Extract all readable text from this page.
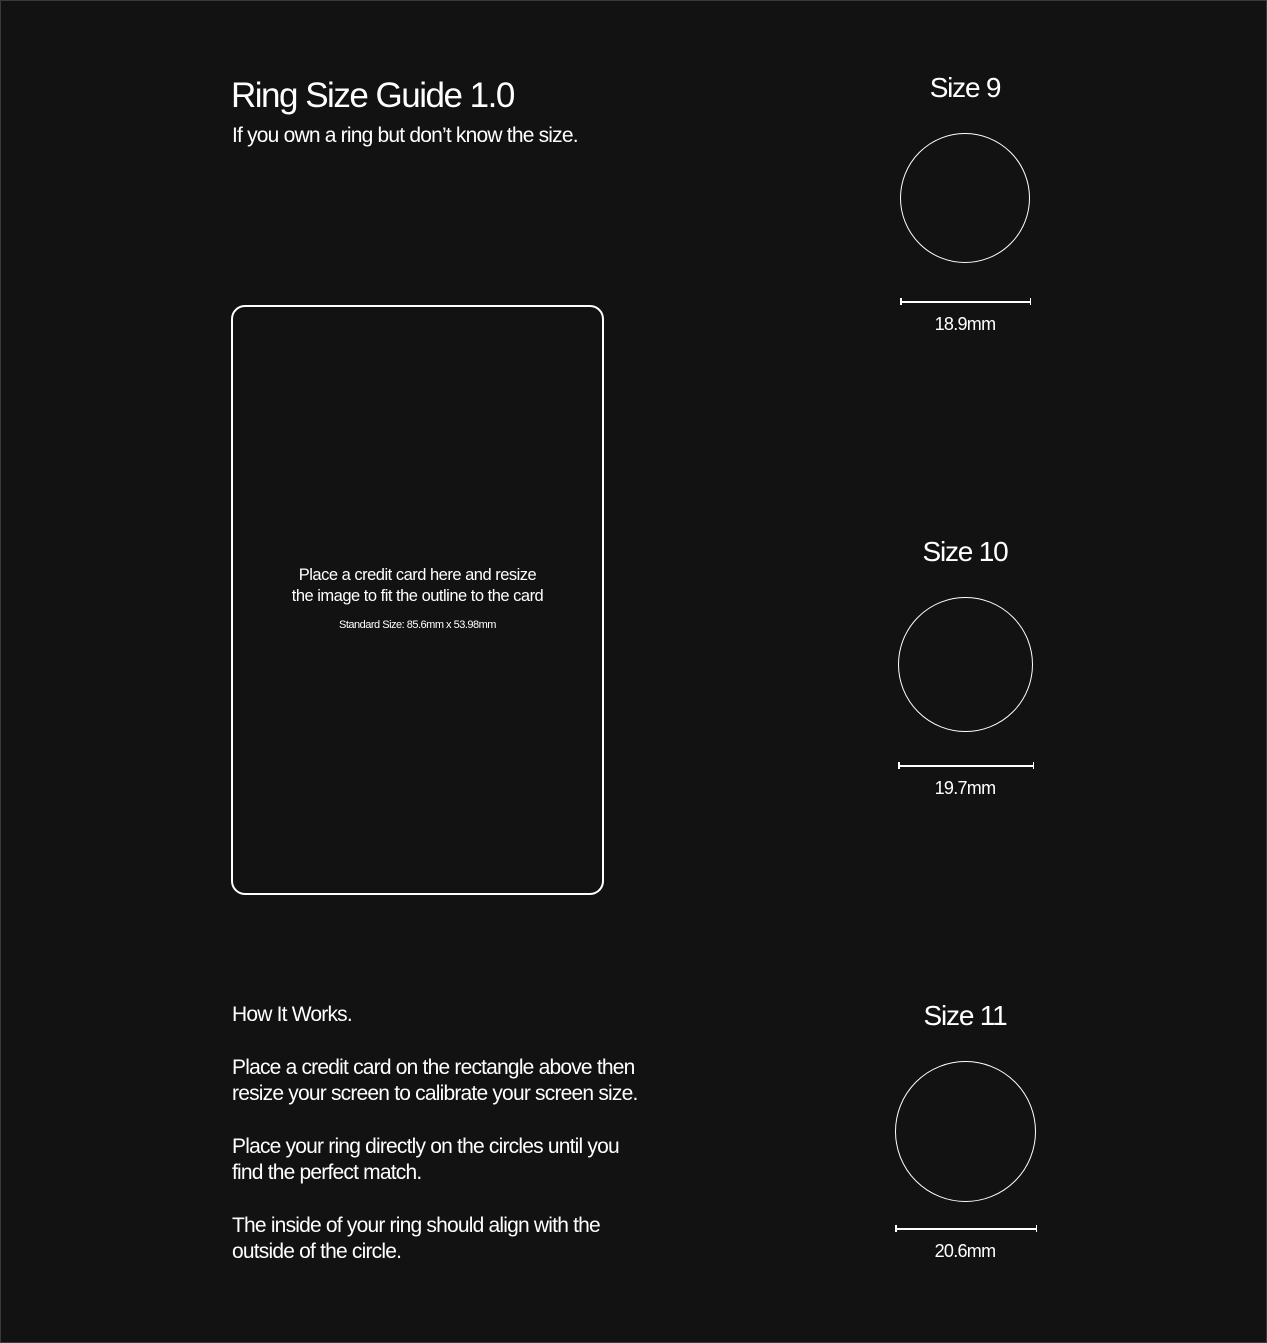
Ring Size Guide 1.0
If you own a ring but don’t know the size.
Place a credit card here and resize
the image to fit the outline to the card
Standard Size: 85.6mm x 53.98mm

How It Works.

Place a credit card on the rectangle above then
resize your screen to calibrate your screen size.

Place your ring directly on the circles until you
find the perfect match.

The inside of your ring should align with the
outside of the circle.

Size 9
18.9mm
Size 10
19.7mm
Size 11
20.6mm
